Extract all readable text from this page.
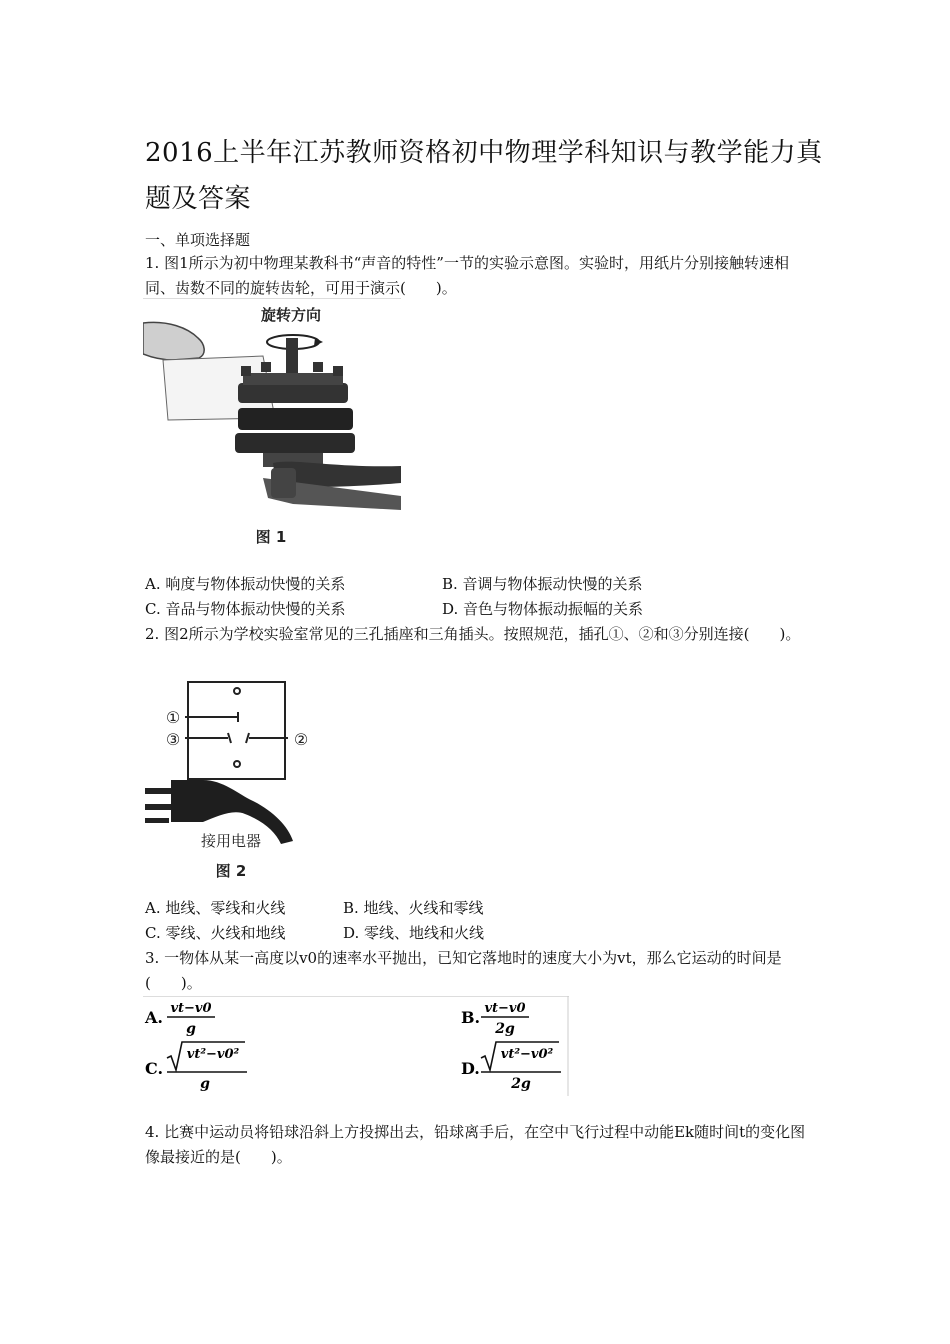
2016上半年江苏教师资格初中物理学科知识与教学能力真题及答案
一、单项选择题
1. 图1所示为初中物理某教科书“声音的特性”一节的实验示意图。实验时，用纸片分别接触转速相同、齿数不同的旋转齿轮，可用于演示(　　)。
旋转方向
图 1
A. 响度与物体振动快慢的关系	B. 音调与物体振动快慢的关系
C. 音品与物体振动快慢的关系	D. 音色与物体振动振幅的关系
2. 图2所示为学校实验室常见的三孔插座和三角插头。按照规范，插孔①、②和③分别连接(　　)。
①
③	②
接用电器
图 2
A. 地线、零线和火线	B. 地线、火线和零线
C. 零线、火线和地线	D. 零线、地线和火线
3. 一物体从某一高度以v0的速率水平抛出，已知它落地时的速度大小为vt，那么它运动的时间是(　　)。
A. vt−v0
g
B. vt−v0
2g
C.
vt²−v0²
g
D.
vt²−v0²
2g
4. 比赛中运动员将铅球沿斜上方投掷出去，铅球离手后，在空中飞行过程中动能Ek随时间t的变化图像最接近的是(　　)。
